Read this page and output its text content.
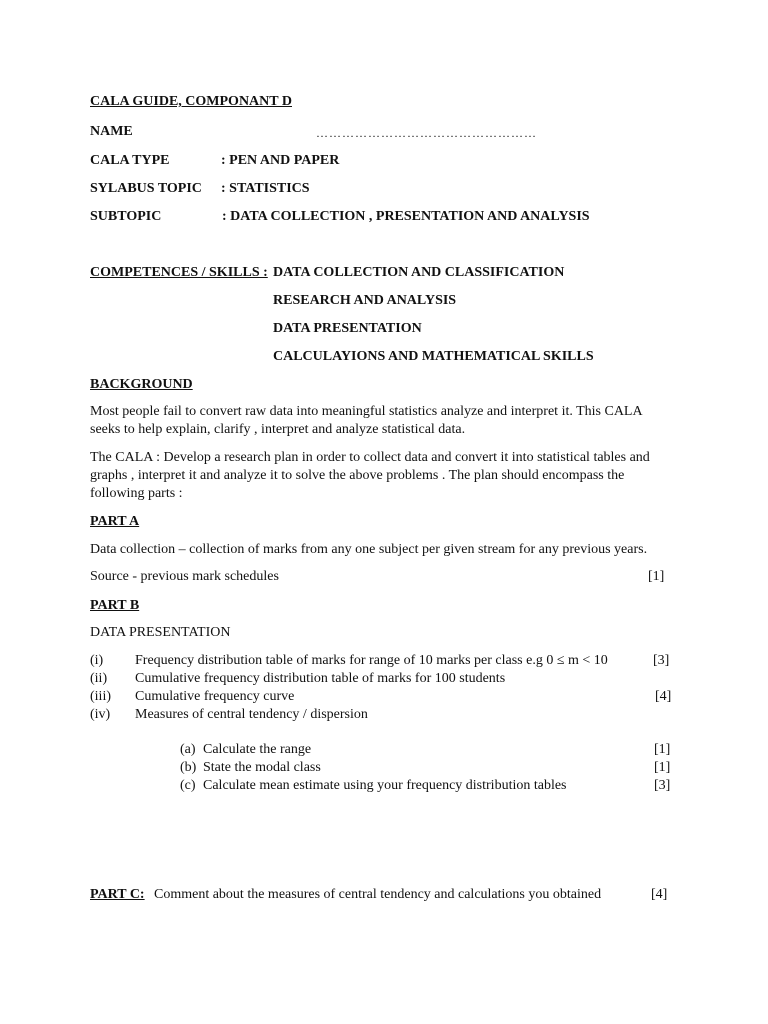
CALA GUIDE, COMPONANT D
NAME	……………………………………………
CALA TYPE	: PEN AND PAPER
SYLABUS TOPIC : STATISTICS
SUBTOPIC	: DATA COLLECTION , PRESENTATION AND ANALYSIS
COMPETENCES / SKILLS : DATA COLLECTION AND CLASSIFICATION
RESEARCH AND ANALYSIS
DATA PRESENTATION
CALCULAYIONS AND MATHEMATICAL SKILLS
BACKGROUND
Most people fail to convert raw data into meaningful statistics analyze and interpret it. This CALA seeks to help explain, clarify , interpret and analyze statistical data.
The CALA : Develop a research plan in order to collect data and convert it into statistical tables and graphs , interpret it and analyze it to solve the above problems . The plan should encompass the following parts :
PART A
Data collection – collection of marks from any one subject per given stream for any previous years.
Source - previous mark schedules	[1]
PART B
DATA PRESENTATION
(i) Frequency distribution table of marks for range of 10 marks per class e.g 0 ≤ m < 10	[3]
(ii) Cumulative frequency distribution table of marks for 100 students
(iii) Cumulative frequency curve	[4]
(iv) Measures of central tendency / dispersion
(a) Calculate the range	[1]
(b) State the modal class	[1]
(c) Calculate mean estimate using your frequency distribution tables	[3]
PART C: Comment about the measures of central tendency and calculations you obtained	[4]
